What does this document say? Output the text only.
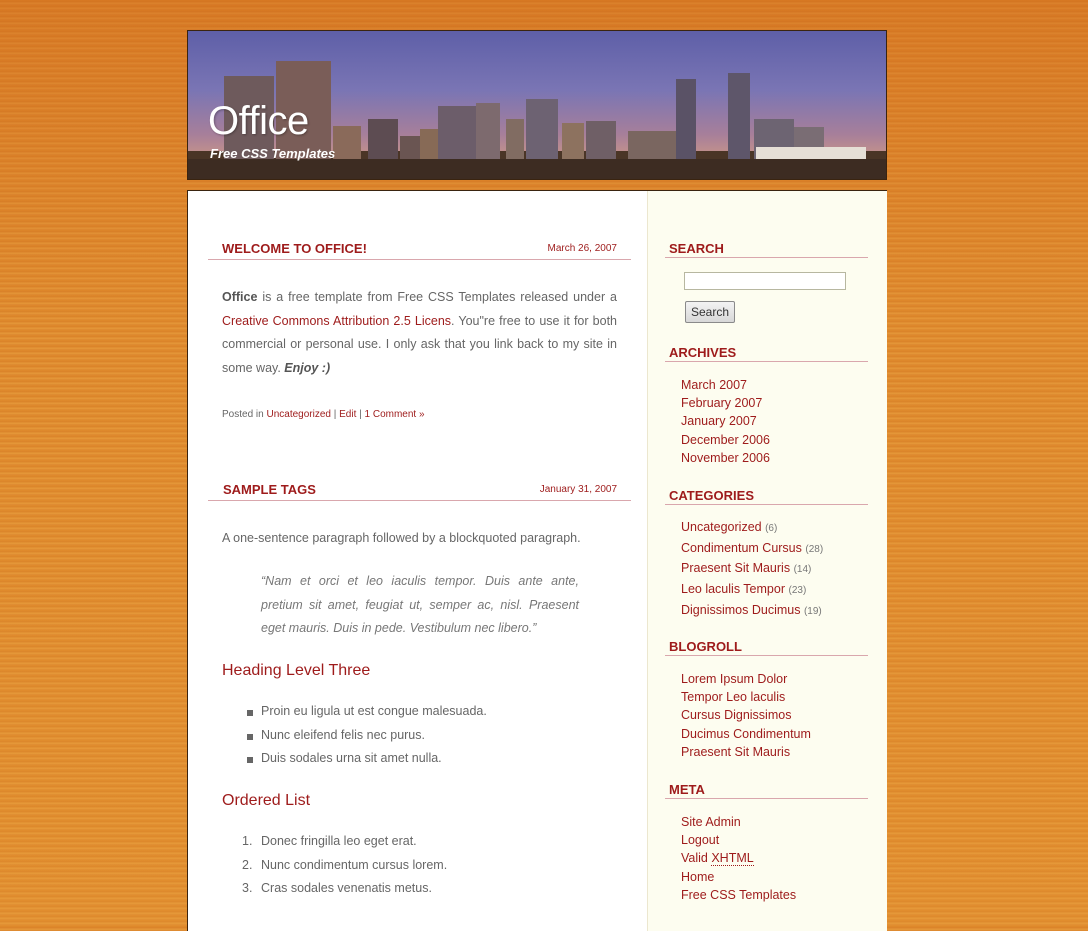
Office
Free CSS Templates
WELCOME TO OFFICE!	March 26, 2007
Office is a free template from Free CSS Templates released under a Creative Commons Attribution 2.5 Licens. You"re free to use it for both commercial or personal use. I only ask that you link back to my site in some way. Enjoy :)
Posted in Uncategorized | Edit | 1 Comment »
SAMPLE TAGS	January 31, 2007
A one-sentence paragraph followed by a blockquoted paragraph.
“Nam et orci et leo iaculis tempor. Duis ante ante, pretium sit amet, feugiat ut, semper ac, nisl. Praesent eget mauris. Duis in pede. Vestibulum nec libero.”
Heading Level Three
Proin eu ligula ut est congue malesuada.
Nunc eleifend felis nec purus.
Duis sodales urna sit amet nulla.
Ordered List
1. Donec fringilla leo eget erat.
2. Nunc condimentum cursus lorem.
3. Cras sodales venenatis metus.
SEARCH
Search
ARCHIVES
March 2007
February 2007
January 2007
December 2006
November 2006
CATEGORIES
Uncategorized (6)
Condimentum Cursus (28)
Praesent Sit Mauris (14)
Leo laculis Tempor (23)
Dignissimos Ducimus (19)
BLOGROLL
Lorem Ipsum Dolor
Tempor Leo laculis
Cursus Dignissimos
Ducimus Condimentum
Praesent Sit Mauris
META
Site Admin
Logout
Valid XHTML
Home
Free CSS Templates
